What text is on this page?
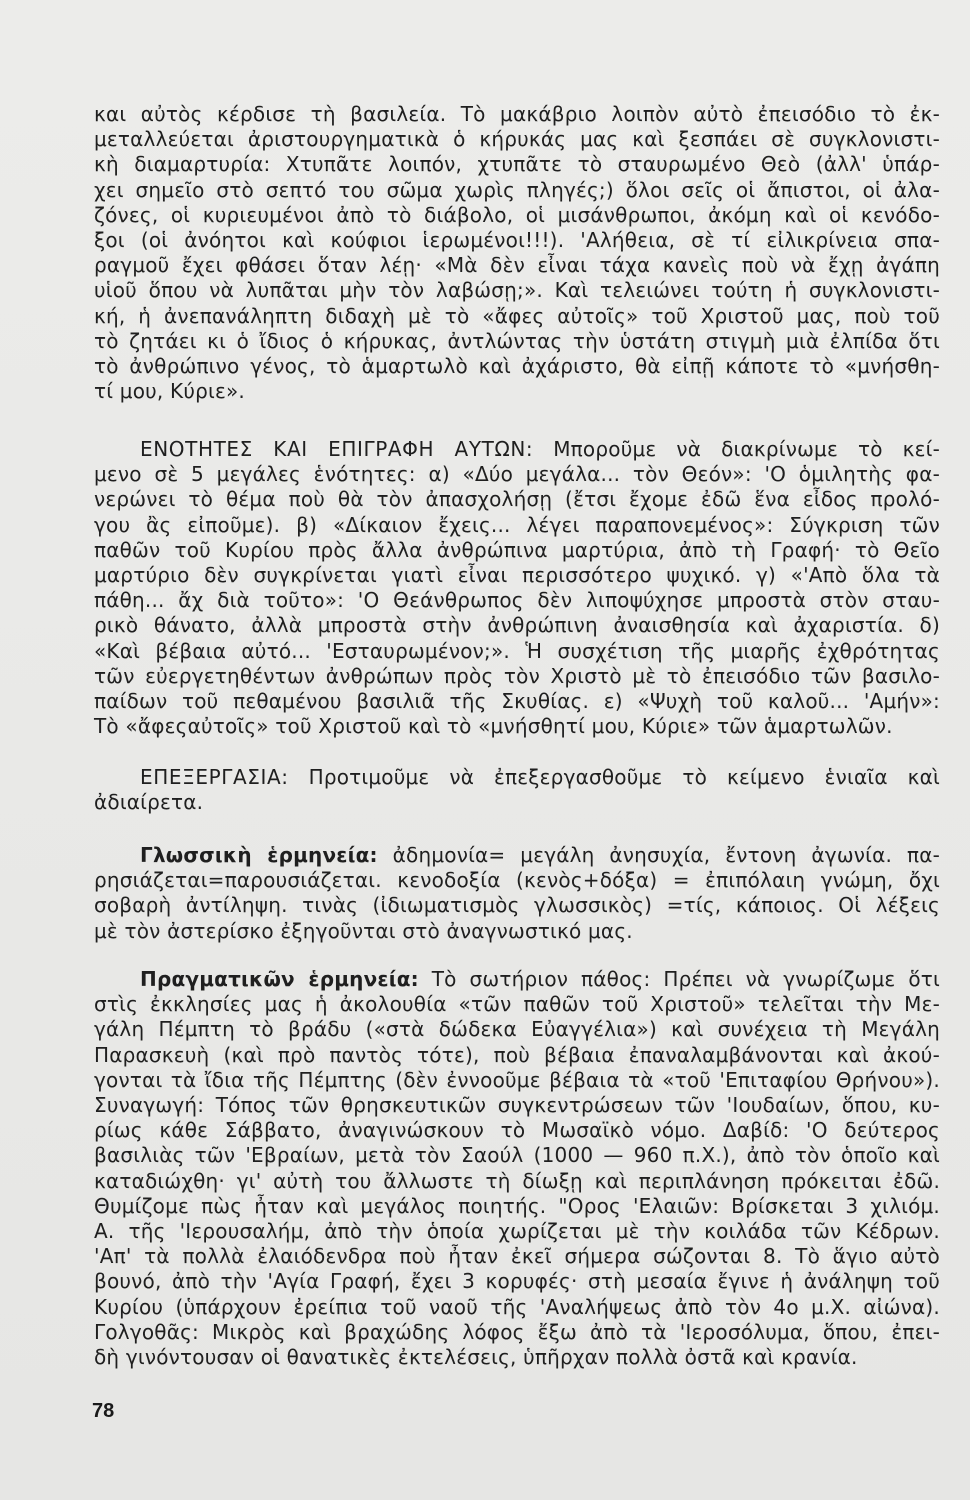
και αὐτὸς κέρδισε τὴ βασιλεία. Τὸ μακάβριο λοιπὸν αὐτὸ ἐπεισόδιο τὸ ἐκ-
μεταλλεύεται ἀριστουργηματικὰ ὁ κήρυκάς μας καὶ ξεσπάει σὲ συγκλονιστι-
κὴ διαμαρτυρία: Χτυπᾶτε λοιπόν, χτυπᾶτε τὸ σταυρωμένο Θεὸ (ἀλλ' ὑπάρ-
χει σημεῖο στὸ σεπτό του σῶμα χωρὶς πληγές;) ὅλοι σεῖς οἱ ἄπιστοι, οἱ ἀλα-
ζόνες, οἱ κυριευμένοι ἀπὸ τὸ διάβολο, οἱ μισάνθρωποι, ἀκόμη καὶ οἱ κενόδο-
ξοι (οἱ ἀνόητοι καὶ κούφιοι ἱερωμένοι!!!). 'Αλήθεια, σὲ τί εἰλικρίνεια σπα-
ραγμοῦ ἔχει φθάσει ὅταν λέῃ· «Μὰ δὲν εἶναι τάχα κανεὶς ποὺ νὰ ἔχῃ ἀγάπη
υἱοῦ ὅπου νὰ λυπᾶται μὴν τὸν λαβώσῃ;». Καὶ τελειώνει τούτη ἡ συγκλονιστι-
κή, ἡ ἀνεπανάληπτη διδαχὴ μὲ τὸ «ἄφες αὐτοῖς» τοῦ Χριστοῦ μας, ποὺ τοῦ
τὸ ζητάει κι ὁ ἴδιος ὁ κήρυκας, ἀντλώντας τὴν ὑστάτη στιγμὴ μιὰ ἐλπίδα ὅτι
τὸ ἀνθρώπινο γένος, τὸ ἁμαρτωλὸ καὶ ἀχάριστο, θὰ εἰπῇ κάποτε τὸ «μνήσθη-
τί μου, Κύριε».
ΕΝΟΤΗΤΕΣ ΚΑΙ ΕΠΙΓΡΑΦΗ ΑΥΤΩΝ: Μποροῦμε νὰ διακρίνωμε τὸ κεί-
μενο σὲ 5 μεγάλες ἑνότητες: α) «Δύο μεγάλα... τὸν Θεόν»: 'Ο ὁμιλητὴς φα-
νερώνει τὸ θέμα ποὺ θὰ τὸν ἀπασχολήσῃ (ἔτσι ἔχομε ἐδῶ ἕνα εἶδος προλό-
γου ἂς εἰποῦμε). β) «Δίκαιον ἔχεις... λέγει παραπονεμένος»: Σύγκριση τῶν
παθῶν τοῦ Κυρίου πρὸς ἄλλα ἀνθρώπινα μαρτύρια, ἀπὸ τὴ Γραφή· τὸ Θεῖο
μαρτύριο δὲν συγκρίνεται γιατὶ εἶναι περισσότερο ψυχικό. γ) «'Απὸ ὅλα τὰ
πάθη... ἄχ διὰ τοῦτο»: 'Ο Θεάνθρωπος δὲν λιποψύχησε μπροστὰ στὸν σταυ-
ρικὸ θάνατο, ἀλλὰ μπροστὰ στὴν ἀνθρώπινη ἀναισθησία καὶ ἀχαριστία. δ)
«Καὶ βέβαια αὐτό... 'Εσταυρωμένον;». Ἡ συσχέτιση τῆς μιαρῆς ἐχθρότητας
τῶν εὐεργετηθέντων ἀνθρώπων πρὸς τὸν Χριστὸ μὲ τὸ ἐπεισόδιο τῶν βασιλο-
παίδων τοῦ πεθαμένου βασιλιᾶ τῆς Σκυθίας. ε) «Ψυχὴ τοῦ καλοῦ... 'Αμήν»:
Τὸ «ἄφεςαὐτοῖς» τοῦ Χριστοῦ καὶ τὸ «μνήσθητί μου, Κύριε» τῶν ἁμαρτωλῶν.
ΕΠΕΞΕΡΓΑΣΙΑ: Προτιμοῦμε νὰ ἐπεξεργασθοῦμε τὸ κείμενο ἑνιαῖα καὶ
ἀδιαίρετα.
Γλωσσικὴ ἑρμηνεία: ἀδημονία= μεγάλη ἀνησυχία, ἔντονη ἀγωνία. πα-
ρησιάζεται=παρουσιάζεται. κενοδοξία (κενὸς+δόξα) = ἐπιπόλαιη γνώμη, ὄχι
σοβαρὴ ἀντίληψη. τινὰς (ἰδιωματισμὸς γλωσσικὸς) =τίς, κάποιος. Οἱ λέξεις
μὲ τὸν ἀστερίσκο ἐξηγοῦνται στὸ ἀναγνωστικό μας.
Πραγματικῶν ἑρμηνεία: Τὸ σωτήριον πάθος: Πρέπει νὰ γνωρίζωμε ὅτι
στὶς ἐκκλησίες μας ἡ ἀκολουθία «τῶν παθῶν τοῦ Χριστοῦ» τελεῖται τὴν Με-
γάλη Πέμπτη τὸ βράδυ («στὰ δώδεκα Εὐαγγέλια») καὶ συνέχεια τὴ Μεγάλη
Παρασκευὴ (καὶ πρὸ παντὸς τότε), ποὺ βέβαια ἐπαναλαμβάνονται καὶ ἀκού-
γονται τὰ ἴδια τῆς Πέμπτης (δὲν ἐννοοῦμε βέβαια τὰ «τοῦ 'Επιταφίου Θρήνου»).
Συναγωγή: Τόπος τῶν θρησκευτικῶν συγκεντρώσεων τῶν 'Ιουδαίων, ὅπου, κυ-
ρίως κάθε Σάββατο, ἀναγινώσκουν τὸ Μωσαϊκὸ νόμο. Δαβίδ: 'Ο δεύτερος
βασιλιὰς τῶν 'Εβραίων, μετὰ τὸν Σαούλ (1000 — 960 π.Χ.), ἀπὸ τὸν ὁποῖο καὶ
καταδιώχθη· γι' αὐτὴ του ἄλλωστε τὴ δίωξῃ καὶ περιπλάνηση πρόκειται ἐδῶ.
Θυμίζομε πὼς ἦταν καὶ μεγάλος ποιητής. "Ορος 'Ελαιῶν: Βρίσκεται 3 χιλιόμ.
Α. τῆς 'Ιερουσαλήμ, ἀπὸ τὴν ὁποία χωρίζεται μὲ τὴν κοιλάδα τῶν Κέδρων.
'Απ' τὰ πολλὰ ἐλαιόδενδρα ποὺ ἦταν ἐκεῖ σήμερα σώζονται 8. Τὸ ἅγιο αὐτὸ
βουνό, ἀπὸ τὴν 'Αγία Γραφή, ἔχει 3 κορυφές· στὴ μεσαία ἔγινε ἡ ἀνάληψη τοῦ
Κυρίου (ὑπάρχουν ἐρείπια τοῦ ναοῦ τῆς 'Αναλήψεως ἀπὸ τὸν 4ο μ.Χ. αἰώνα).
Γολγοθᾶς: Μικρὸς καὶ βραχώδης λόφος ἔξω ἀπὸ τὰ 'Ιεροσόλυμα, ὅπου, ἐπει-
δὴ γινόντουσαν οἱ θανατικὲς ἐκτελέσεις, ὑπῆρχαν πολλὰ ὀστᾶ καὶ κρανία.
78
